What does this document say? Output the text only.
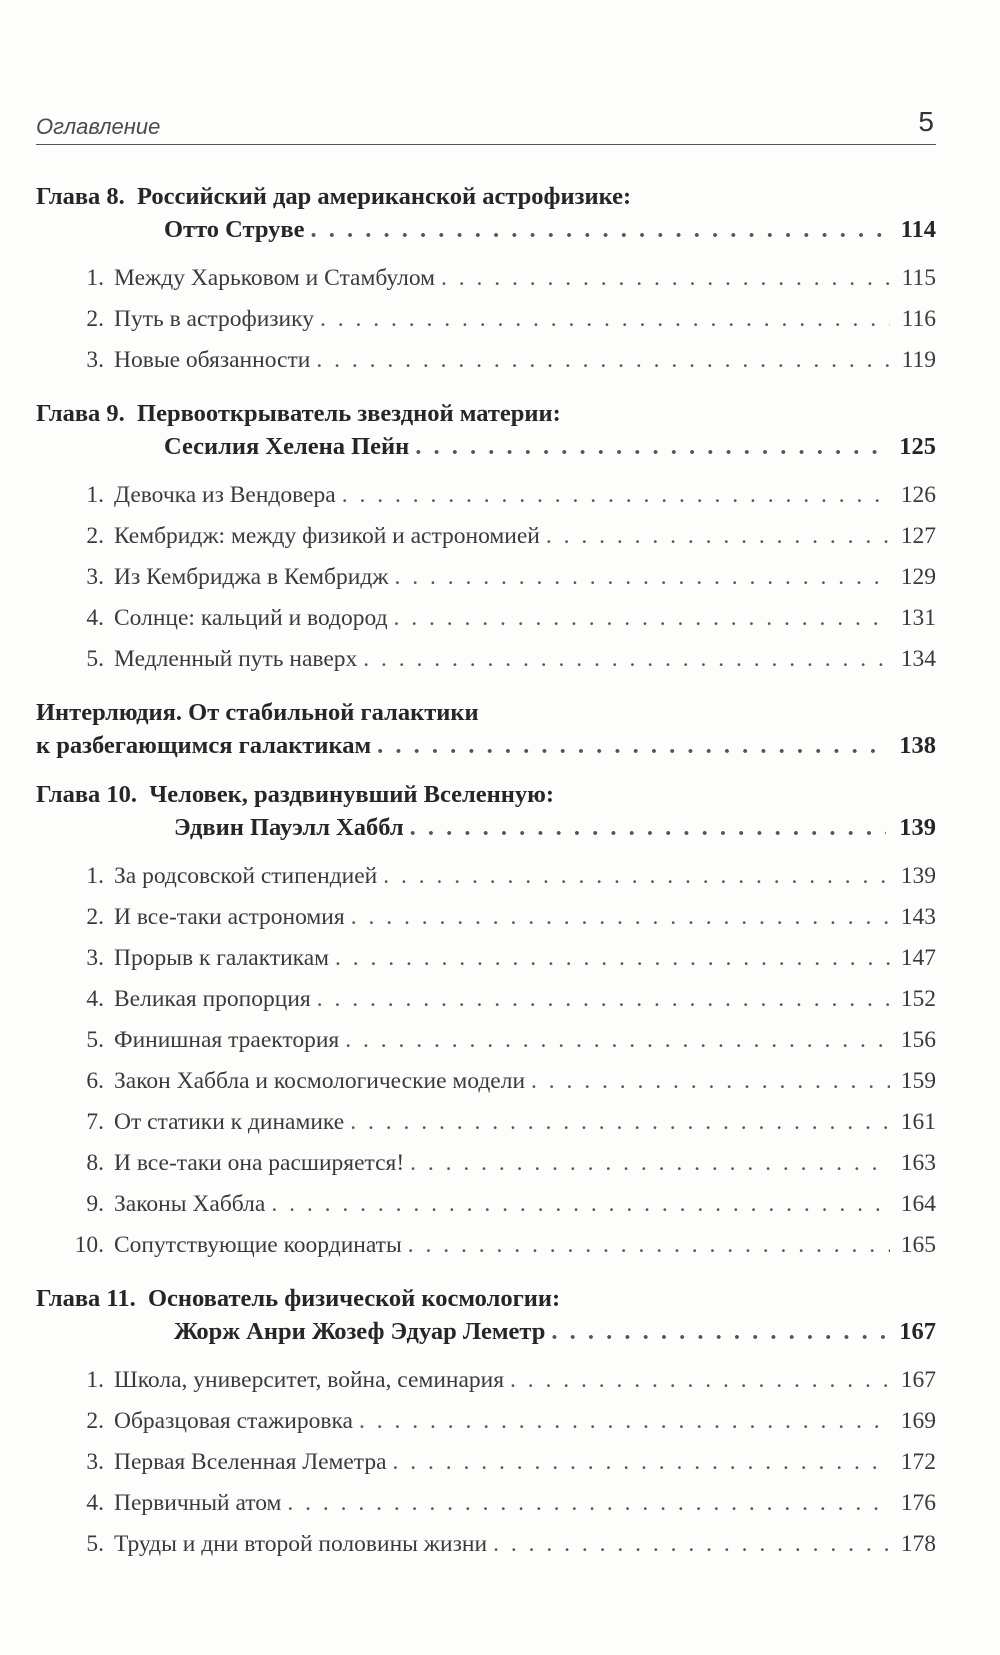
Оглавление	5
Глава 8.  Российский дар американской астрофизике:
Отто Струве . . .	114
1. Между Харьковом и Стамбулом . . .	115
2. Путь в астрофизику . . .	116
3. Новые обязанности . . .	119
Глава 9.  Первооткрыватель звездной материи:
Сесилия Хелена Пейн . . .	125
1. Девочка из Вендовера . . .	126
2. Кембридж: между физикой и астрономией . . .	127
3. Из Кембриджа в Кембридж . . .	129
4. Солнце: кальций и водород . . .	131
5. Медленный путь наверх . . .	134
Интерлюдия. От стабильной галактики
к разбегающимся галактикам . . .	138
Глава 10.  Человек, раздвинувший Вселенную:
Эдвин Пауэлл Хаббл . . .	139
1. За родсовской стипендией . . .	139
2. И все-таки астрономия . . .	143
3. Прорыв к галактикам . . .	147
4. Великая пропорция . . .	152
5. Финишная траектория . . .	156
6. Закон Хаббла и космологические модели . . .	159
7. От статики к динамике . . .	161
8. И все-таки она расширяется! . . .	163
9. Законы Хаббла . . .	164
10. Сопутствующие координаты . . .	165
Глава 11.  Основатель физической космологии:
Жорж Анри Жозеф Эдуар Леметр . . .	167
1. Школа, университет, война, семинария . . .	167
2. Образцовая стажировка . . .	169
3. Первая Вселенная Леметра . . .	172
4. Первичный атом . . .	176
5. Труды и дни второй половины жизни . . .	178
